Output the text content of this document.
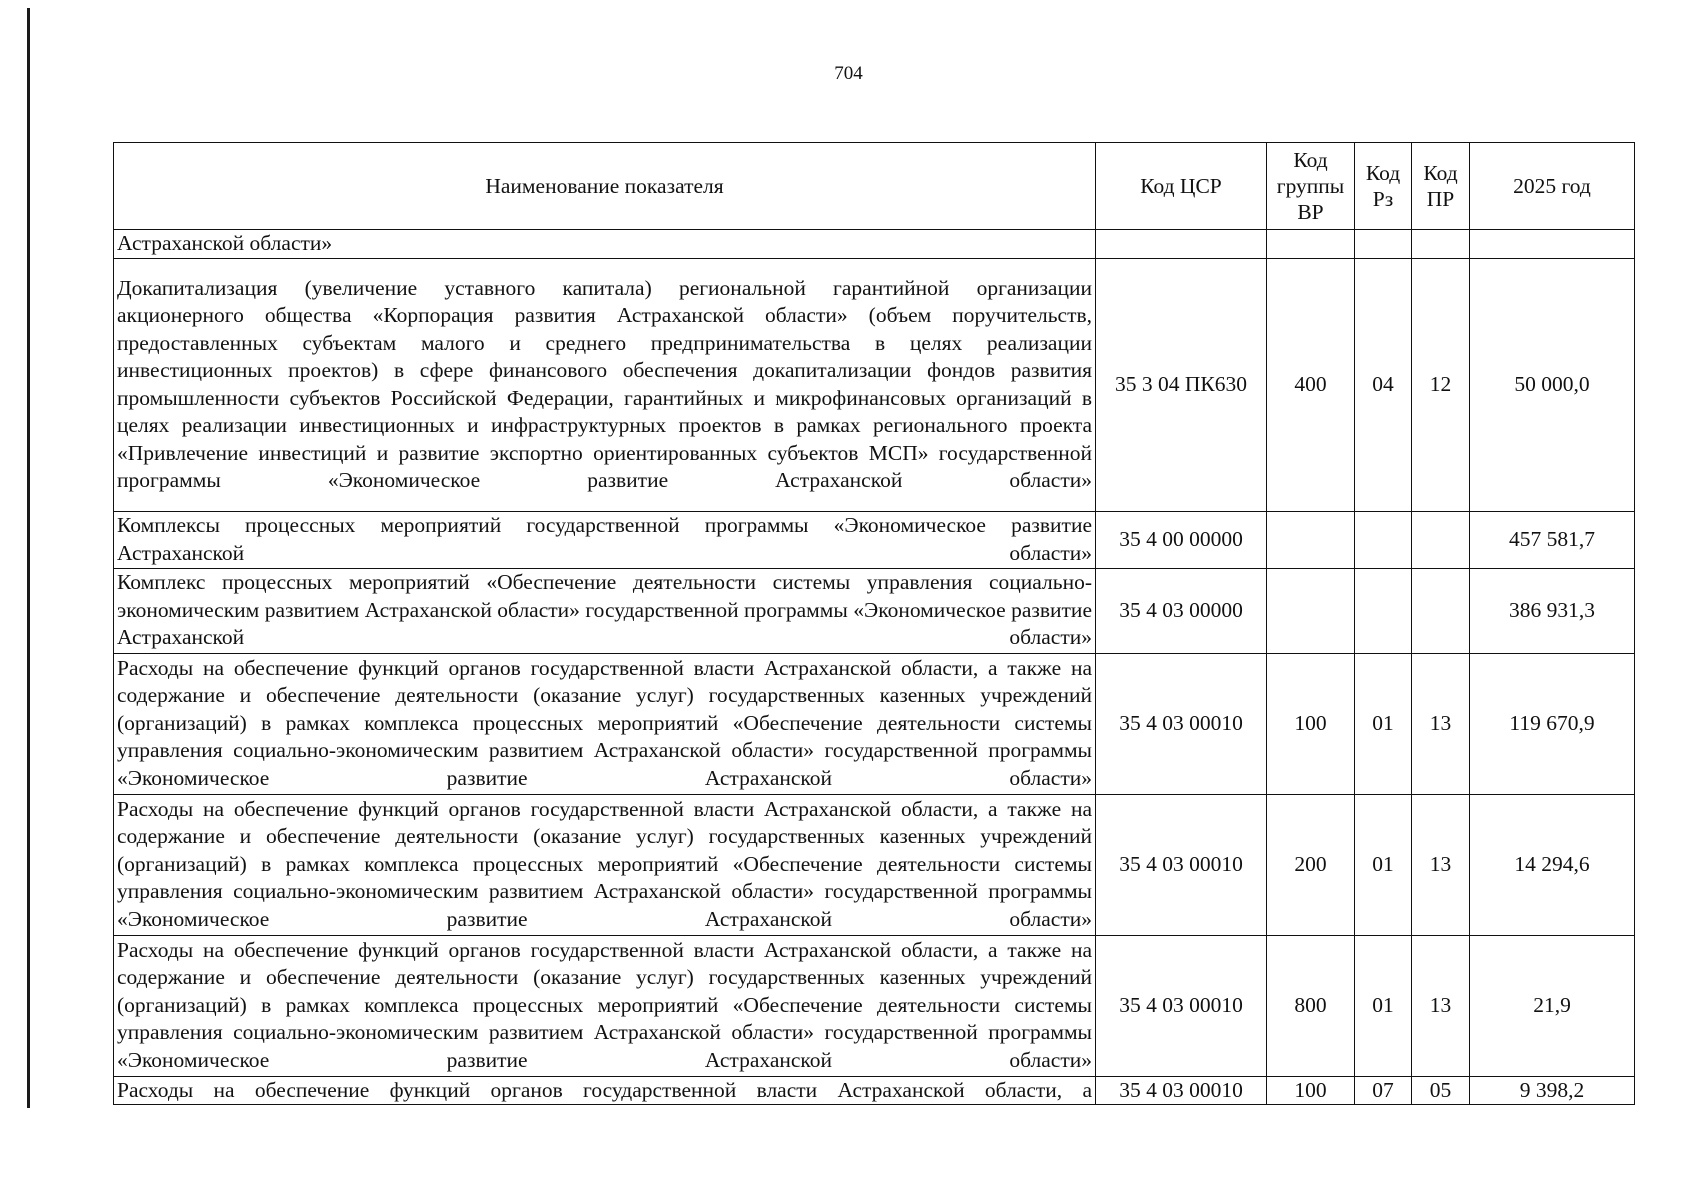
704
Наименование показателя	Код ЦСР	Код группы ВР	Код Рз	Код ПР	2025 год
Астраханской области»					
Докапитализация (увеличение уставного капитала) региональной гарантийной организации акционерного общества «Корпорация развития Астраханской области» (объем поручительств, предоставленных субъектам малого и среднего предпринимательства в целях реализации инвестиционных проектов) в сфере финансового обеспечения докапитализации фондов развития промышленности субъектов Российской Федерации, гарантийных и микрофинансовых организаций в целях реализации инвестиционных и инфраструктурных проектов в рамках регионального проекта «Привлечение инвестиций и развитие экспортно ориентированных субъектов МСП» государственной программы «Экономическое развитие Астраханской области»	35 3 04 ПК630	400	04	12	50 000,0
Комплексы процессных мероприятий государственной программы «Экономическое развитие Астраханской области»	35 4 00 00000				457 581,7
Комплекс процессных мероприятий «Обеспечение деятельности системы управления социально-экономическим развитием Астраханской области» государственной программы «Экономическое развитие Астраханской области»	35 4 03 00000				386 931,3
Расходы на обеспечение функций органов государственной власти Астраханской области, а также на содержание и обеспечение деятельности (оказание услуг) государственных казенных учреждений (организаций) в рамках комплекса процессных мероприятий «Обеспечение деятельности системы управления социально-экономическим развитием Астраханской области» государственной программы «Экономическое развитие Астраханской области»	35 4 03 00010	100	01	13	119 670,9
Расходы на обеспечение функций органов государственной власти Астраханской области, а также на содержание и обеспечение деятельности (оказание услуг) государственных казенных учреждений (организаций) в рамках комплекса процессных мероприятий «Обеспечение деятельности системы управления социально-экономическим развитием Астраханской области» государственной программы «Экономическое развитие Астраханской области»	35 4 03 00010	200	01	13	14 294,6
Расходы на обеспечение функций органов государственной власти Астраханской области, а также на содержание и обеспечение деятельности (оказание услуг) государственных казенных учреждений (организаций) в рамках комплекса процессных мероприятий «Обеспечение деятельности системы управления социально-экономическим развитием Астраханской области» государственной программы «Экономическое развитие Астраханской области»	35 4 03 00010	800	01	13	21,9
Расходы на обеспечение функций органов государственной власти Астраханской области, а	35 4 03 00010	100	07	05	9 398,2
